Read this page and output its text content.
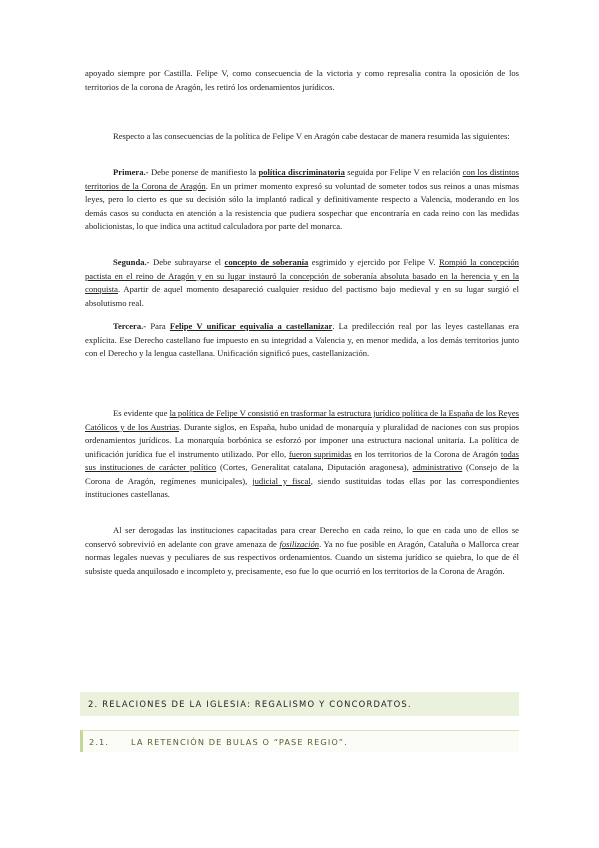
apoyado siempre por Castilla. Felipe V, como consecuencia de la victoria y como represalia contra la oposición de los territorios de la corona de Aragón, les retiró los ordenamientos jurídicos.

Respecto a las consecuencias de la política de Felipe V en Aragón cabe destacar de manera resumida las siguientes:

Primera.- Debe ponerse de manifiesto la política discriminatoria seguida por Felipe V en relación con los distintos territorios de la Corona de Aragón. En un primer momento expresó su voluntad de someter todos sus reinos a unas mismas leyes, pero lo cierto es que su decisión sólo la implantó radical y definitivamente respecto a Valencia, moderando en los demás casos su conducta en atención a la resistencia que pudiera sospechar que encontraría en cada reino con las medidas abolicionistas, lo que indica una actitud calculadora por parte del monarca.

Segunda.- Debe subrayarse el concepto de soberanía esgrimido y ejercido por Felipe V. Rompió la concepción pactista en el reino de Aragón y en su lugar instauró la concepción de soberanía absoluta basado en la herencia y en la conquista. Apartir de aquel momento desapareció cualquier residuo del pactismo bajo medieval y en su lugar surgió el absolutismo real.

Tercera.- Para Felipe V unificar equivalía a castellanizar. La predilección real por las leyes castellanas era explícita. Ese Derecho castellano fue impuesto en su integridad a Valencia y, en menor medida, a los demás territorios junto con el Derecho y la lengua castellana. Unificación significó pues, castellanización.

Es evidente que la política de Felipe V consistió en trasformar la estructura jurídico política de la España de los Reyes Católicos y de los Austrias. Durante siglos, en España, hubo unidad de monarquía y pluralidad de naciones con sus propios ordenamientos jurídicos. La monarquía borbónica se esforzó por imponer una estructura nacional unitaria. La política de unificación jurídica fue el instrumento utilizado. Por ello, fueron suprimidas en los territorios de la Corona de Aragón todas sus instituciones de carácter político (Cortes, Generalitat catalana, Diputación aragonesa), administrativo (Consejo de la Corona de Aragón, regímenes municipales), judicial y fiscal, siendo sustituidas todas ellas por las correspondientes instituciones castellanas.

Al ser derogadas las instituciones capacitadas para crear Derecho en cada reino, lo que en cada uno de ellos se conservó sobrevivió en adelante con grave amenaza de fosilización. Ya no fue posible en Aragón, Cataluña o Mallorca crear normas legales nuevas y peculiares de sus respectivos ordenamientos. Cuando un sistema jurídico se quiebra, lo que de él subsiste queda anquilosado e incompleto y, precisamente, eso fue lo que ocurrió en los territorios de la Corona de Aragón.

2. RELACIONES DE LA IGLESIA: REGALISMO Y CONCORDATOS.
2.1.	LA RETENCIÓN DE BULAS O “PASE REGIO”.
